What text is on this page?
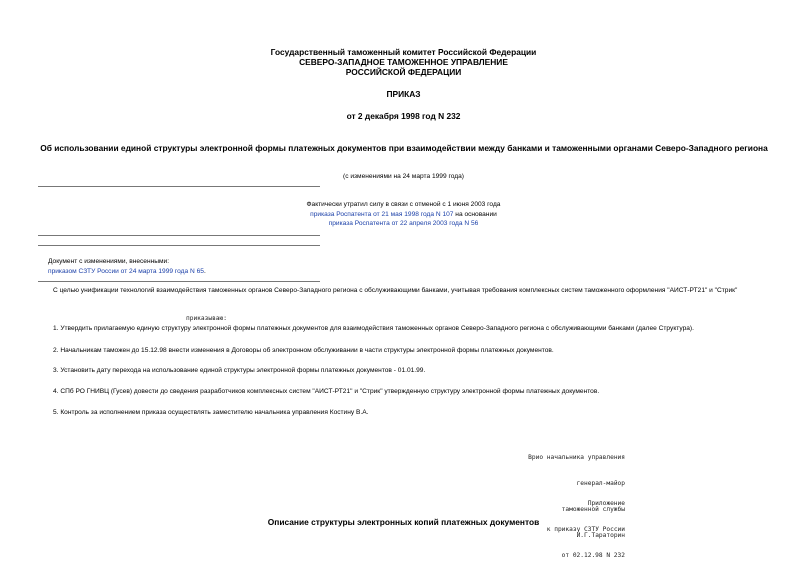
Государственный таможенный комитет Российской Федерации
СЕВЕРО-ЗАПАДНОЕ ТАМОЖЕННОЕ УПРАВЛЕНИЕ
РОССИЙСКОЙ ФЕДЕРАЦИИ
ПРИКАЗ
от 2 декабря 1998 год N 232
Об использовании единой структуры электронной формы платежных документов при взаимодействии между банками и таможенными органами Северо-Западного региона
(с изменениями на 24 марта 1999 года)
Фактически утратил силу в связи с отменой с 1 июня 2003 года
приказа Роспатента от 21 мая 1998 года N 107 на основании
приказа Роспатента от 22 апреля 2003 года N 56
Документ с изменениями, внесенными:
приказом СЗТУ России от 24 марта 1999 года N 65.
С целью унификации технологий взаимодействия таможенных органов Северо-Западного региона с обслуживающими банками, учитывая требования комплексных систем таможенного оформления "АИСТ-РТ21" и "Стрик"
приказываю:
1. Утвердить прилагаемую единую структуру электронной формы платежных документов для взаимодействия таможенных органов Северо-Западного региона с обслуживающими банками (далее Структура).
2. Начальникам таможен до 15.12.98 внести изменения в Договоры об электронном обслуживании в части структуры электронной формы платежных документов.
3. Установить дату перехода на использование единой структуры электронной формы платежных документов - 01.01.99.
4. СПб РО ГНИВЦ (Гусев) довести до сведения разработчиков комплексных систем "АИСТ-РТ21" и "Стрик" утвержденную структуру электронной формы платежных документов.
5. Контроль за исполнением приказа осуществлять заместителю начальника управления Костину В.А.

Врио начальника управления

генерал-майор

таможенной службы

И.Г.Тараторин

Приложение

к приказу СЗТУ России

от 02.12.98 N 232

Описание структуры электронных копий платежных документов
